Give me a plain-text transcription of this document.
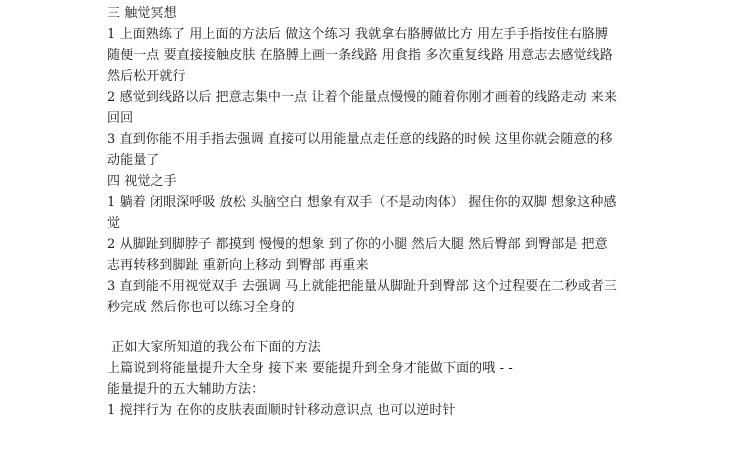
三 触觉冥想
1 上面熟练了 用上面的方法后 做这个练习 我就拿右胳膊做比方 用左手手指按住右胳膊
随便一点 要直接接触皮肤 在胳膊上画一条线路 用食指 多次重复线路 用意志去感觉线路
然后松开就行
2 感觉到线路以后 把意志集中一点 让着个能量点慢慢的随着你刚才画着的线路走动 来来
回回
3 直到你能不用手指去强调 直接可以用能量点走任意的线路的时候 这里你就会随意的移
动能量了
四 视觉之手
1 躺着 闭眼深呼吸 放松 头脑空白 想象有双手（不是动肉体） 握住你的双脚 想象这种感
觉
2 从脚趾到脚脖子 都摸到 慢慢的想象 到了你的小腿 然后大腿 然后臀部 到臀部是 把意
志再转移到脚趾 重新向上移动 到臀部 再重来
3 直到能不用视觉双手 去强调 马上就能把能量从脚趾升到臀部 这个过程要在二秒或者三
秒完成 然后你也可以练习全身的
正如大家所知道的我公布下面的方法
上篇说到将能量提升大全身 接下来 要能提升到全身才能做下面的哦 - -
能量提升的五大辅助方法：
1 搅拌行为 在你的皮肤表面顺时针移动意识点 也可以逆时针
